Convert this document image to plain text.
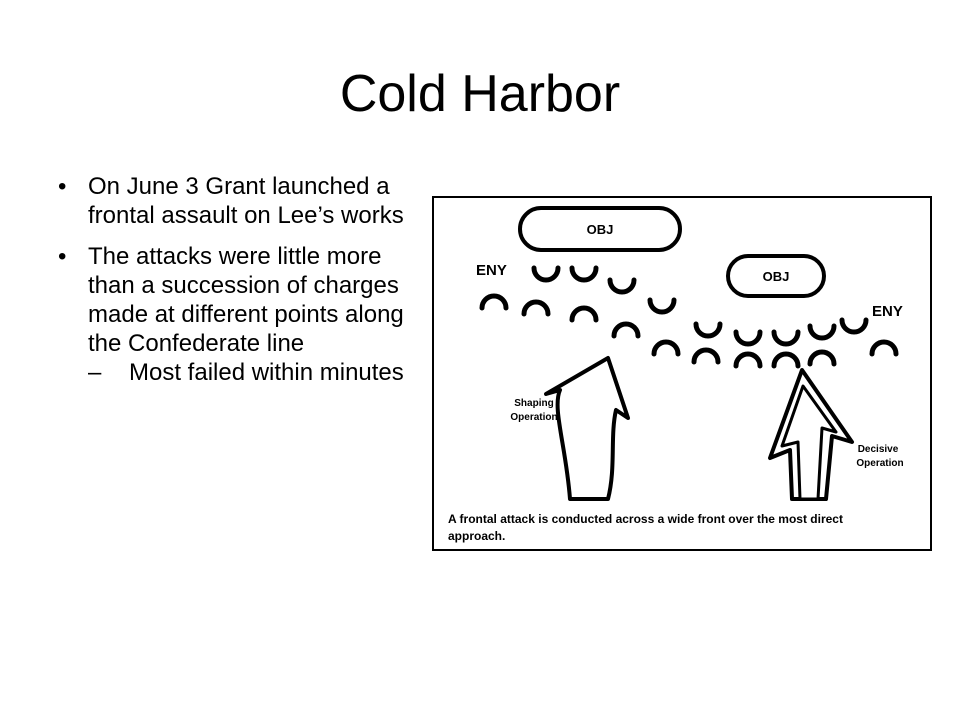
Cold Harbor
• On June 3 Grant launched a frontal assault on Lee’s works
• The attacks were little more than a succession of charges made at different points along the Confederate line
–	Most failed within minutes
OBJ
OBJ
ENY
ENY
Shaping
Operation
Decisive
Operation
A frontal attack is conducted across a wide front over the most direct
approach.
